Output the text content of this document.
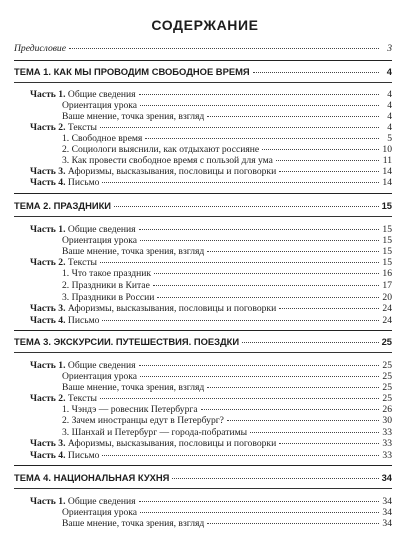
СОДЕРЖАНИЕ
Предисловие	3
ТЕМА 1. КАК МЫ ПРОВОДИМ СВОБОДНОЕ ВРЕМЯ	4
Часть 1. Общие сведения	4
Ориентация урока	4
Ваше мнение, точка зрения, взгляд	4
Часть 2. Тексты	4
1. Свободное время	5
2. Социологи выяснили, как отдыхают россияне	10
3. Как провести свободное время с пользой для ума	11
Часть 3. Афоризмы, высказывания, пословицы и поговорки	14
Часть 4. Письмо	14
ТЕМА 2. ПРАЗДНИКИ	15
Часть 1. Общие сведения	15
Ориентация урока	15
Ваше мнение, точка зрения, взгляд	15
Часть 2. Тексты	15
1. Что такое праздник	16
2. Праздники в Китае	17
3. Праздники в России	20
Часть 3. Афоризмы, высказывания, пословицы и поговорки	24
Часть 4. Письмо	24
ТЕМА 3. ЭКСКУРСИИ. ПУТЕШЕСТВИЯ. ПОЕЗДКИ	25
Часть 1. Общие сведения	25
Ориентация урока	25
Ваше мнение, точка зрения, взгляд	25
Часть 2. Тексты	25
1. Чэндэ — ровесник Петербурга	26
2. Зачем иностранцы едут в Петербург?	30
3. Шанхай и Петербург — города-побратимы	33
Часть 3. Афоризмы, высказывания, пословицы и поговорки	33
Часть 4. Письмо	33
ТЕМА 4. НАЦИОНАЛЬНАЯ КУХНЯ	34
Часть 1. Общие сведения	34
Ориентация урока	34
Ваше мнение, точка зрения, взгляд	34
